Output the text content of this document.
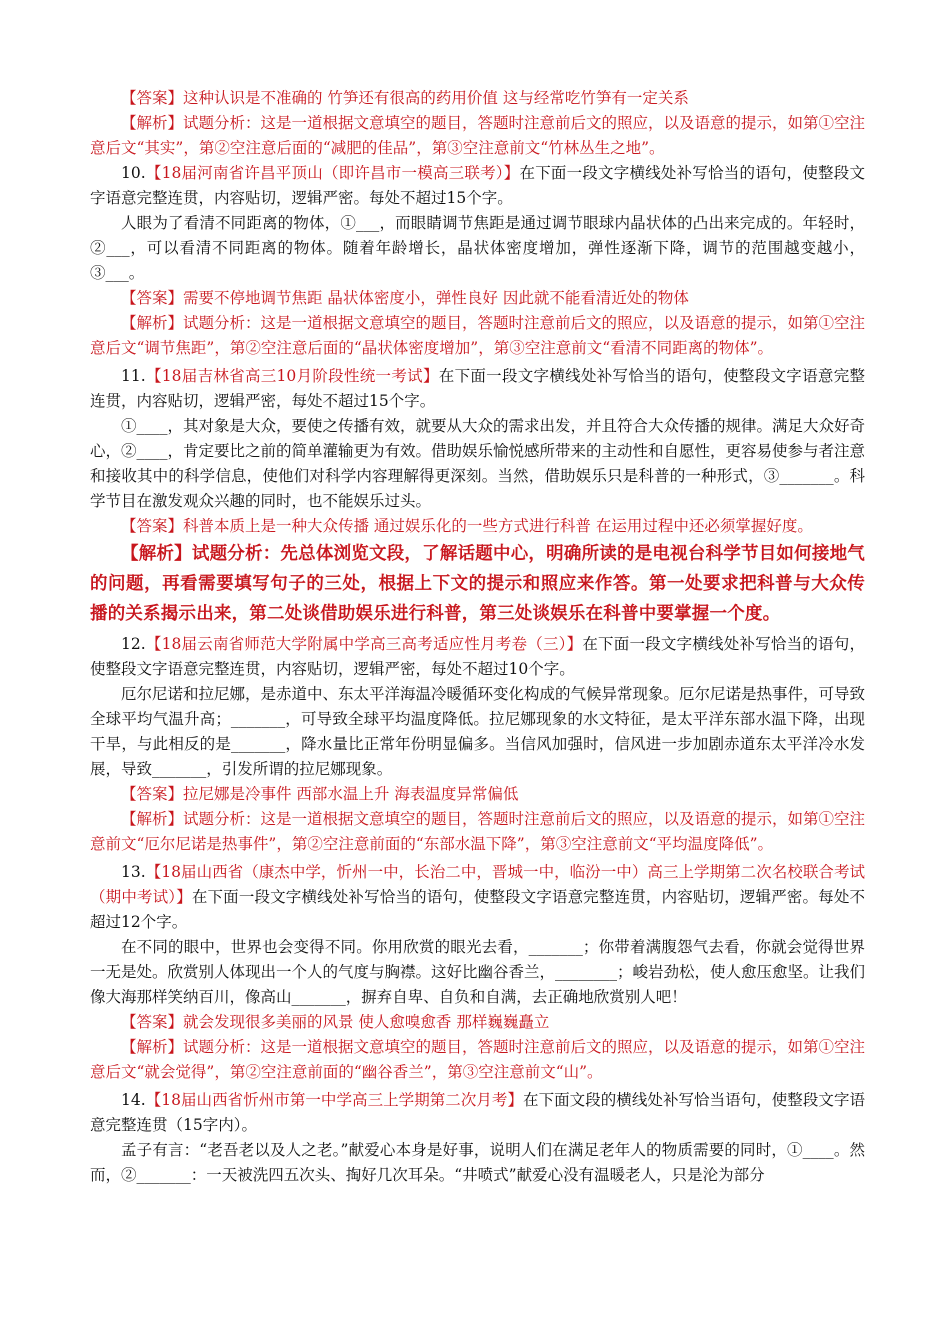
【答案】这种认识是不准确的 竹笋还有很高的药用价值 这与经常吃竹笋有一定关系

【解析】试题分析：这是一道根据文意填空的题目，答题时注意前后文的照应，以及语意的提示，如第①空注意后文“其实”，第②空注意后面的“减肥的佳品”，第③空注意前文“竹林丛生之地”。

10.【18届河南省许昌平顶山（即许昌市一模高三联考）】在下面一段文字横线处补写恰当的语句，使整段文字语意完整连贯，内容贴切，逻辑严密。每处不超过15个字。

人眼为了看清不同距离的物体，①___，而眼睛调节焦距是通过调节眼球内晶状体的凸出来完成的。年轻时，②___，可以看清不同距离的物体。随着年龄增长，晶状体密度增加，弹性逐渐下降，调节的范围越变越小，③___。

【答案】需要不停地调节焦距 晶状体密度小，弹性良好 因此就不能看清近处的物体

【解析】试题分析：这是一道根据文意填空的题目，答题时注意前后文的照应，以及语意的提示，如第①空注意后文“调节焦距”，第②空注意后面的“晶状体密度增加”，第③空注意前文“看清不同距离的物体”。

11.【18届吉林省高三10月阶段性统一考试】在下面一段文字横线处补写恰当的语句，使整段文字语意完整连贯，内容贴切，逻辑严密，每处不超过15个字。

①____，其对象是大众，要使之传播有效，就要从大众的需求出发，并且符合大众传播的规律。满足大众好奇心，②____，肯定要比之前的简单灌输更为有效。借助娱乐愉悦感所带来的主动性和自愿性，更容易使参与者注意和接收其中的科学信息，使他们对科学内容理解得更深刻。当然，借助娱乐只是科普的一种形式，③_______。科学节目在激发观众兴趣的同时，也不能娱乐过头。

【答案】科普本质上是一种大众传播 通过娱乐化的一些方式进行科普 在运用过程中还必须掌握好度。

【解析】试题分析：先总体浏览文段，了解话题中心，明确所读的是电视台科学节目如何接地气的问题，再看需要填写句子的三处，根据上下文的提示和照应来作答。第一处要求把科普与大众传播的关系揭示出来，第二处谈借助娱乐进行科普，第三处谈娱乐在科普中要掌握一个度。

12.【18届云南省师范大学附属中学高三高考适应性月考卷（三）】在下面一段文字横线处补写恰当的语句，使整段文字语意完整连贯，内容贴切，逻辑严密，每处不超过10个字。

厄尔尼诺和拉尼娜，是赤道中、东太平洋海温冷暖循环变化构成的气候异常现象。厄尔尼诺是热事件，可导致全球平均气温升高；_______，可导致全球平均温度降低。拉尼娜现象的水文特征，是太平洋东部水温下降，出现干旱，与此相反的是_______，降水量比正常年份明显偏多。当信风加强时，信风进一步加剧赤道东太平洋冷水发展，导致_______，引发所谓的拉尼娜现象。

【答案】拉尼娜是冷事件 西部水温上升 海表温度异常偏低

【解析】试题分析：这是一道根据文意填空的题目，答题时注意前后文的照应，以及语意的提示，如第①空注意前文“厄尔尼诺是热事件”，第②空注意前面的“东部水温下降”，第③空注意前文“平均温度降低”。

13.【18届山西省（康杰中学，忻州一中，长治二中，晋城一中，临汾一中）高三上学期第二次名校联合考试（期中考试）】在下面一段文字横线处补写恰当的语句，使整段文字语意完整连贯，内容贴切，逻辑严密。每处不超过12个字。

在不同的眼中，世界也会变得不同。你用欣赏的眼光去看，_______；你带着满腹怨气去看，你就会觉得世界一无是处。欣赏别人体现出一个人的气度与胸襟。这好比幽谷香兰，________；峻岩劲松，使人愈压愈坚。让我们像大海那样笑纳百川，像高山_______，摒弃自卑、自负和自满，去正确地欣赏别人吧！

【答案】就会发现很多美丽的风景 使人愈嗅愈香 那样巍巍矗立

【解析】试题分析：这是一道根据文意填空的题目，答题时注意前后文的照应，以及语意的提示，如第①空注意后文“就会觉得”，第②空注意前面的“幽谷香兰”，第③空注意前文“山”。

14.【18届山西省忻州市第一中学高三上学期第二次月考】在下面文段的横线处补写恰当语句，使整段文字语意完整连贯（15字内）。

孟子有言：“老吾老以及人之老。”献爱心本身是好事，说明人们在满足老年人的物质需要的同时，①____。然而，②_______：一天被洗四五次头、掏好几次耳朵。“井喷式”献爱心没有温暖老人，只是沦为部分
